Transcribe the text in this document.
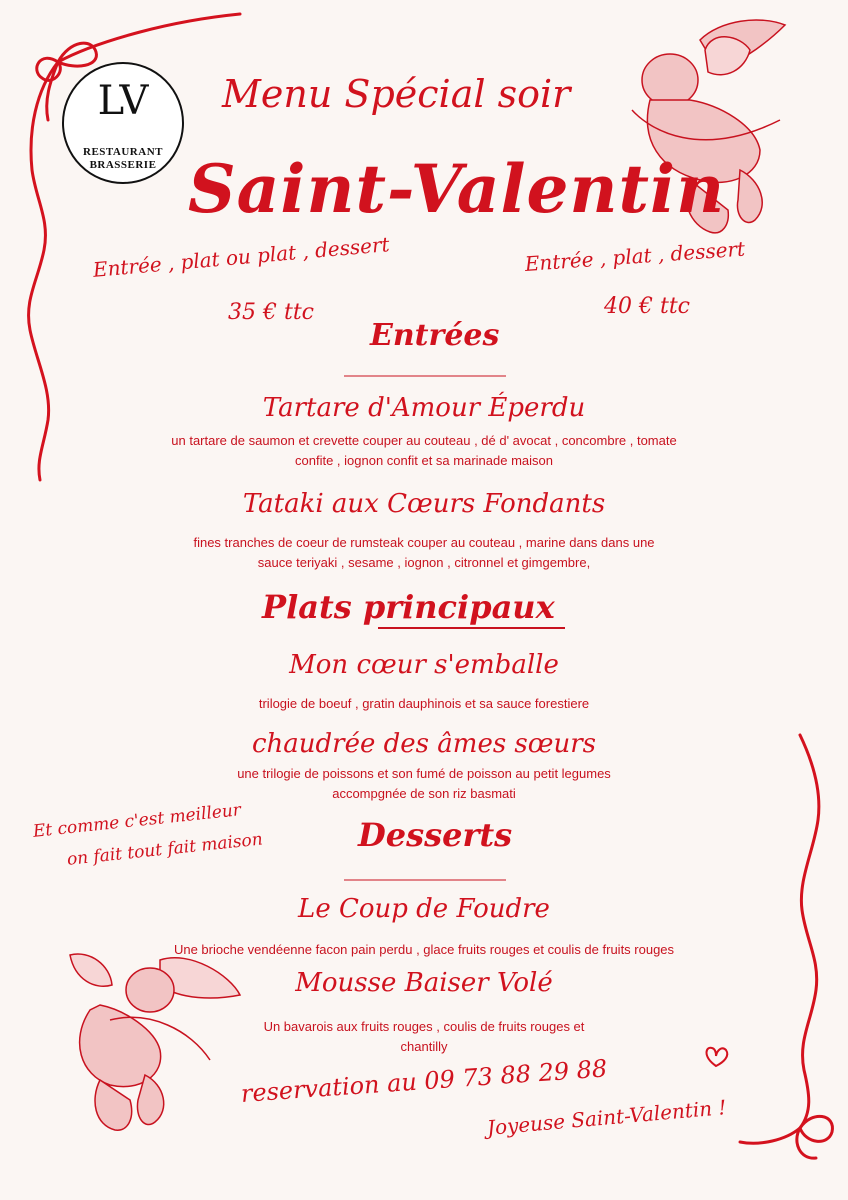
LV
RESTAURANT
BRASSERIE
Menu Spécial soir
Saint-Valentin
Entrée , plat ou plat , dessert
35 € ttc
Entrée , plat , dessert
40 € ttc
Entrées
Tartare d'Amour Éperdu
un tartare de saumon et crevette couper au couteau , dé d' avocat , concombre , tomate
confite , iognon confit et sa marinade maison
Tataki aux Cœurs Fondants
fines tranches de coeur de rumsteak couper au couteau , marine dans dans une
sauce teriyaki , sesame , iognon , citronnel et gimgembre,
Plats principaux
Mon cœur s'emballe
trilogie de boeuf , gratin dauphinois et sa sauce forestiere
chaudrée des âmes sœurs
une trilogie de poissons et son fumé de poisson au petit legumes
accompgnée de son riz basmati
Et comme c'est meilleur
on fait tout fait maison	Desserts
Le Coup de Foudre
Une brioche vendéenne facon pain perdu , glace fruits rouges et coulis de fruits rouges
Mousse Baiser Volé
Un bavarois aux fruits rouges , coulis de fruits rouges et
chantilly
reservation au 09 73 88 29 88
Joyeuse Saint-Valentin !
